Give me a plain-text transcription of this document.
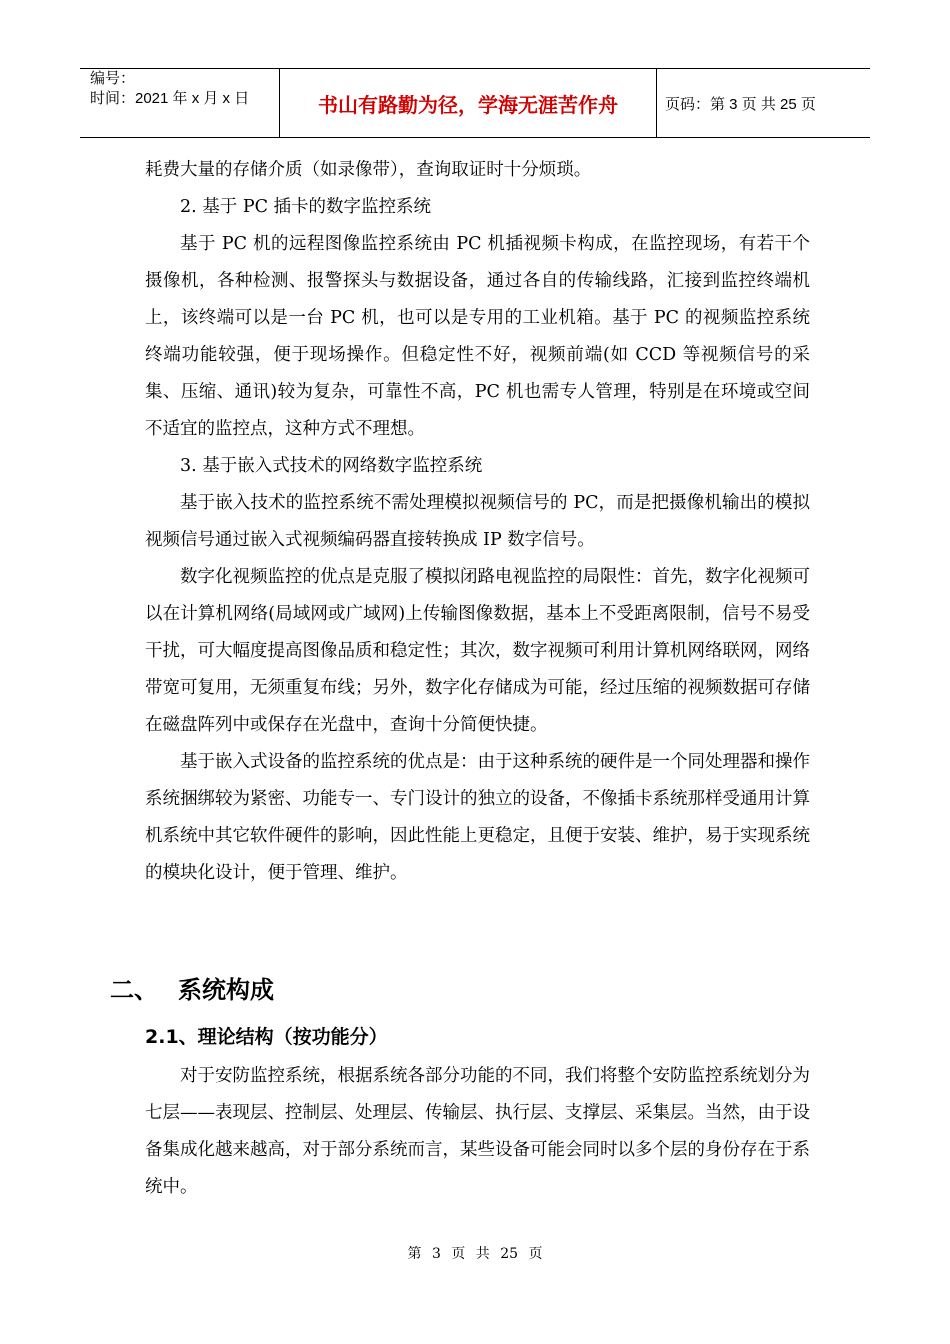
编号：
时间：2021 年 x 月 x 日	书山有路勤为径，学海无涯苦作舟	页码：第 3 页 共 25 页

耗费大量的存储介质（如录像带），查询取证时十分烦琐。

2. 基于 PC 插卡的数字监控系统

基于 PC 机的远程图像监控系统由 PC 机插视频卡构成，在监控现场，有若干个摄像机，各种检测、报警探头与数据设备，通过各自的传输线路，汇接到监控终端机上，该终端可以是一台 PC 机，也可以是专用的工业机箱。基于 PC 的视频监控系统终端功能较强，便于现场操作。但稳定性不好，视频前端(如 CCD 等视频信号的采集、压缩、通讯)较为复杂，可靠性不高，PC 机也需专人管理，特别是在环境或空间不适宜的监控点，这种方式不理想。

3. 基于嵌入式技术的网络数字监控系统

基于嵌入技术的监控系统不需处理模拟视频信号的 PC，而是把摄像机输出的模拟视频信号通过嵌入式视频编码器直接转换成 IP 数字信号。

数字化视频监控的优点是克服了模拟闭路电视监控的局限性：首先，数字化视频可以在计算机网络(局域网或广域网)上传输图像数据，基本上不受距离限制，信号不易受干扰，可大幅度提高图像品质和稳定性；其次，数字视频可利用计算机网络联网，网络带宽可复用，无须重复布线；另外，数字化存储成为可能，经过压缩的视频数据可存储在磁盘阵列中或保存在光盘中，查询十分简便快捷。

基于嵌入式设备的监控系统的优点是：由于这种系统的硬件是一个同处理器和操作系统捆绑较为紧密、功能专一、专门设计的独立的设备，不像插卡系统那样受通用计算机系统中其它软件硬件的影响，因此性能上更稳定，且便于安装、维护，易于实现系统的模块化设计，便于管理、维护。

二、 系统构成
2.1、理论结构（按功能分）

对于安防监控系统，根据系统各部分功能的不同，我们将整个安防监控系统划分为七层——表现层、控制层、处理层、传输层、执行层、支撑层、采集层。当然，由于设备集成化越来越高，对于部分系统而言，某些设备可能会同时以多个层的身份存在于系统中。

第 3 页 共 25 页
